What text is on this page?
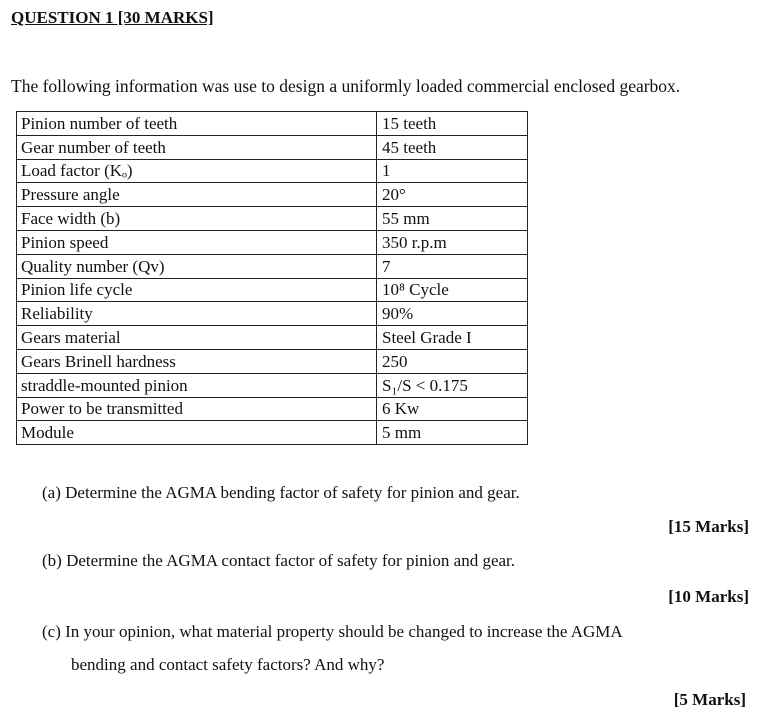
QUESTION 1 [30 MARKS]
The following information was use to design a uniformly loaded commercial enclosed gearbox.
Pinion number of teeth	15 teeth
Gear number of teeth	45 teeth
Load factor (Kₒ)	1
Pressure angle	20°
Face width (b)	55 mm
Pinion speed	350 r.p.m
Quality number (Qv)	7
Pinion life cycle	10⁸ Cycle
Reliability	90%
Gears material	Steel Grade I
Gears Brinell hardness	250
straddle-mounted pinion	S₁/S < 0.175
Power to be transmitted	6 Kw
Module	5 mm
(a) Determine the AGMA bending factor of safety for pinion and gear.
[15 Marks]
(b) Determine the AGMA contact factor of safety for pinion and gear.
[10 Marks]
(c) In your opinion, what material property should be changed to increase the AGMA
bending and contact safety factors? And why?
[5 Marks]
